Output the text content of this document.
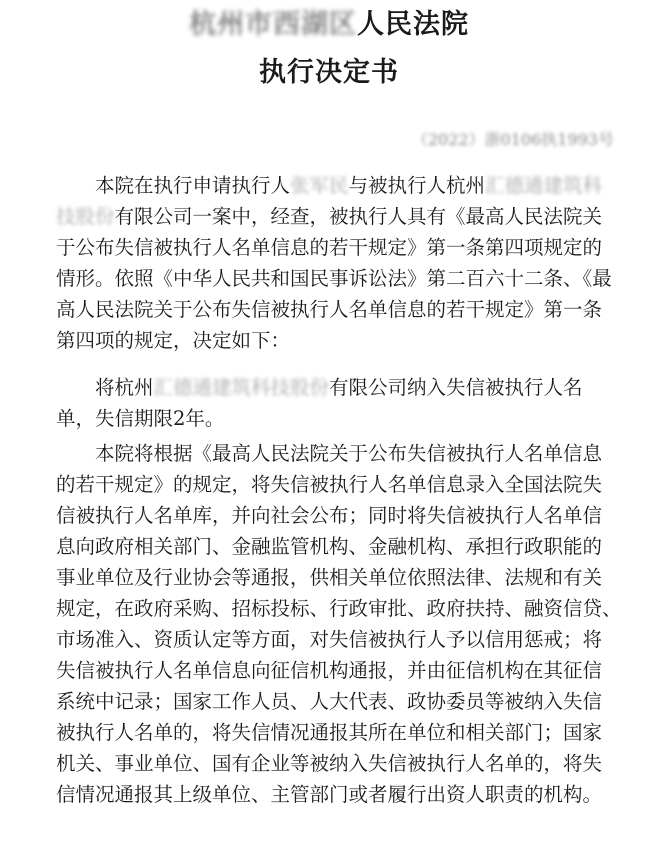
杭州市西湖区人民法院
执行决定书
（2022）浙0106执1993号
本院在执行申请执行人张军民与被执行人杭州汇德通建筑科
技股份有限公司一案中，经查，被执行人具有《最高人民法院关
于公布失信被执行人名单信息的若干规定》第一条第四项规定的
情形。依照《中华人民共和国民事诉讼法》第二百六十二条、《最
高人民法院关于公布失信被执行人名单信息的若干规定》第一条
第四项的规定，决定如下：
将杭州汇德通建筑科技股份有限公司纳入失信被执行人名
单，失信期限2年。
本院将根据《最高人民法院关于公布失信被执行人名单信息
的若干规定》的规定，将失信被执行人名单信息录入全国法院失
信被执行人名单库，并向社会公布；同时将失信被执行人名单信
息向政府相关部门、金融监管机构、金融机构、承担行政职能的
事业单位及行业协会等通报，供相关单位依照法律、法规和有关
规定，在政府采购、招标投标、行政审批、政府扶持、融资信贷、
市场准入、资质认定等方面，对失信被执行人予以信用惩戒；将
失信被执行人名单信息向征信机构通报，并由征信机构在其征信
系统中记录；国家工作人员、人大代表、政协委员等被纳入失信
被执行人名单的，将失信情况通报其所在单位和相关部门；国家
机关、事业单位、国有企业等被纳入失信被执行人名单的，将失
信情况通报其上级单位、主管部门或者履行出资人职责的机构。
